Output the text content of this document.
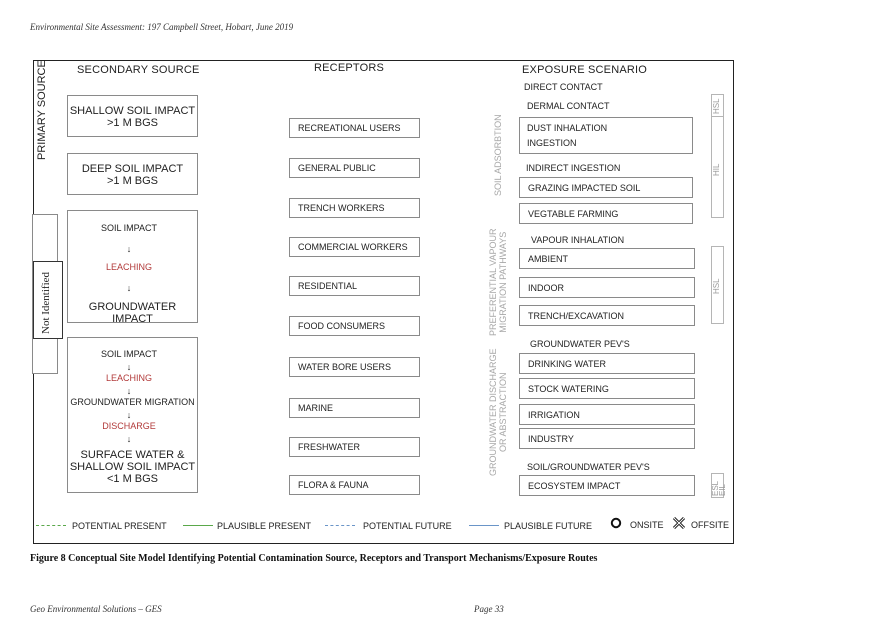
Environmental Site Assessment: 197 Campbell Street, Hobart, June 2019
PRIMARY SOURCE	SECONDARY SOURCE	RECEPTORS	EXPOSURE SCENARIO
Not Identified
SHALLOW SOIL IMPACT
>1 M BGS
DEEP SOIL IMPACT
>1 M BGS
SOIL IMPACT
↓
LEACHING
↓
GROUNDWATER IMPACT
SOIL IMPACT
↓
LEACHING
↓
GROUNDWATER MIGRATION
↓
DISCHARGE
↓
SURFACE WATER &
SHALLOW SOIL IMPACT
<1 M BGS
RECREATIONAL USERS
GENERAL PUBLIC
TRENCH WORKERS
COMMERCIAL WORKERS
RESIDENTIAL
FOOD CONSUMERS
WATER BORE USERS
MARINE
FRESHWATER
FLORA & FAUNA
SOIL ADSORBTION
PREFERENTIAL VAPOUR MIGRATION PATHWAYS
GROUNDWATER DISCHARGE OR ABSTRACTION
DIRECT CONTACT
DERMAL CONTACT
DUST INHALATION
INGESTION
INDIRECT INGESTION
GRAZING IMPACTED SOIL
VEGTABLE FARMING
VAPOUR INHALATION
AMBIENT
INDOOR
TRENCH/EXCAVATION
GROUNDWATER PEV'S
DRINKING WATER
STOCK WATERING
IRRIGATION
INDUSTRY
SOIL/GROUNDWATER PEV'S
ECOSYSTEM IMPACT
HSL
HIL
HSL
ESL
EIL
POTENTIAL PRESENT	PLAUSIBLE PRESENT	POTENTIAL FUTURE	PLAUSIBLE FUTURE	ONSITE	OFFSITE
Figure 8 Conceptual Site Model Identifying Potential Contamination Source, Receptors and Transport Mechanisms/Exposure Routes
Geo Environmental Solutions – GES	Page 33
